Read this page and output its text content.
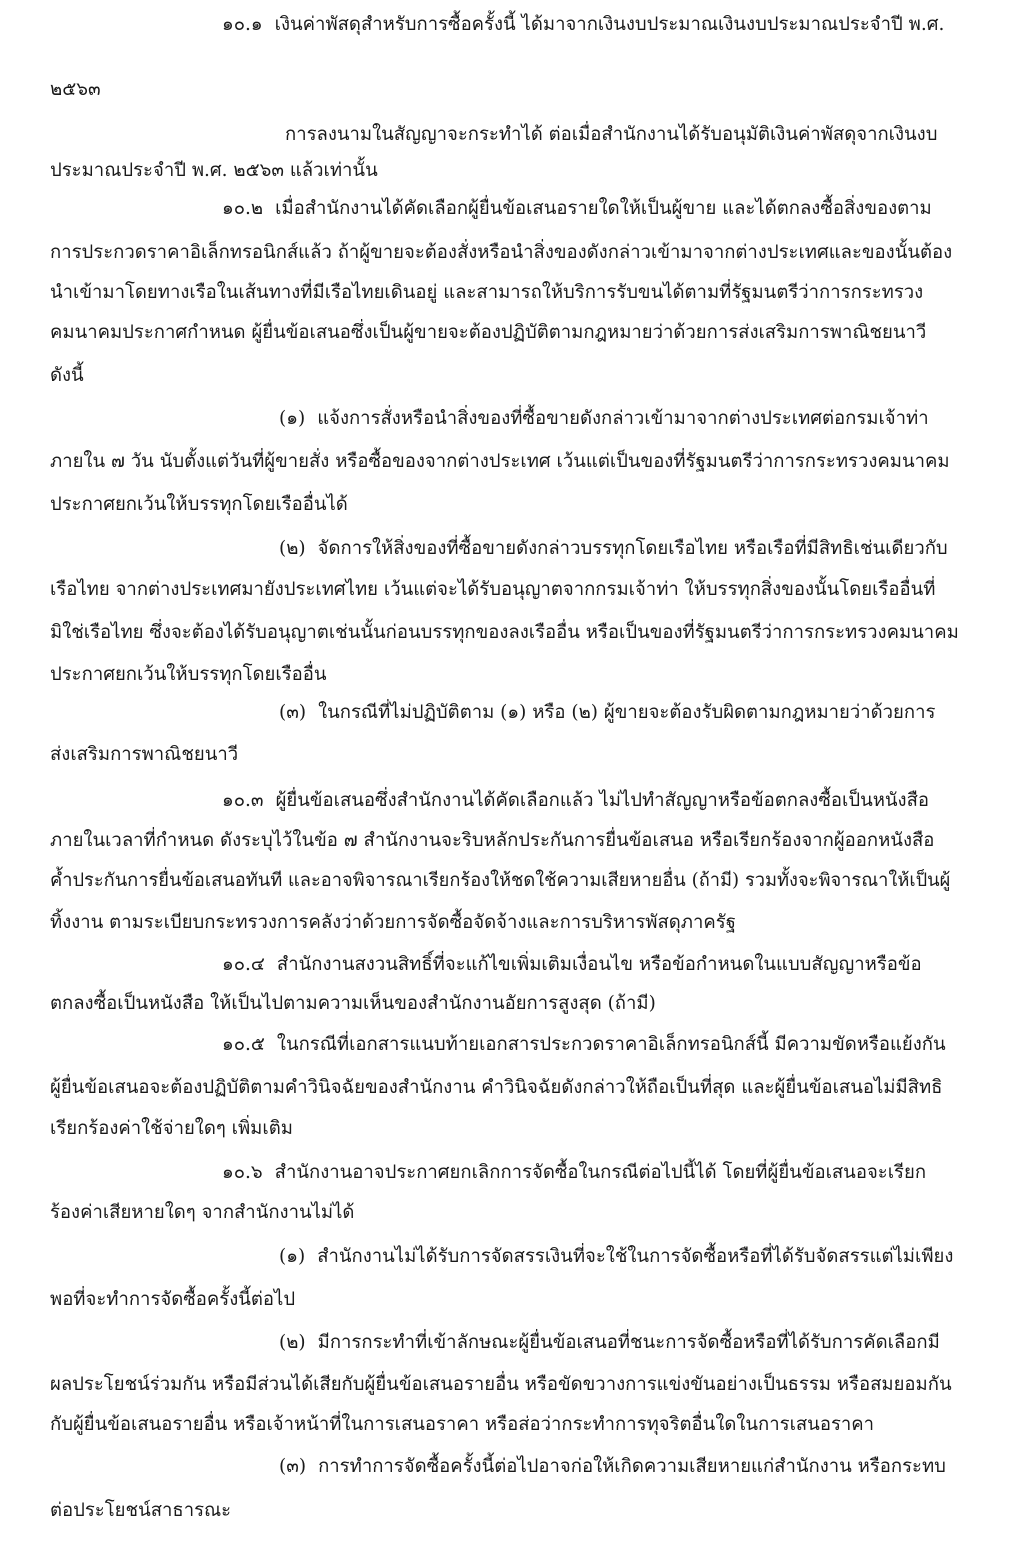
๑๐.๑ เงินค่าพัสดุสำหรับการซื้อครั้งนี้ ได้มาจากเงินงบประมาณเงินงบประมาณประจำปี พ.ศ.
๒๕๖๓
การลงนามในสัญญาจะกระทำได้ ต่อเมื่อสำนักงานได้รับอนุมัติเงินค่าพัสดุจากเงินงบ
ประมาณประจำปี พ.ศ. ๒๕๖๓ แล้วเท่านั้น
๑๐.๒ เมื่อสำนักงานได้คัดเลือกผู้ยื่นข้อเสนอรายใดให้เป็นผู้ขาย และได้ตกลงซื้อสิ่งของตาม
การประกวดราคาอิเล็กทรอนิกส์แล้ว ถ้าผู้ขายจะต้องสั่งหรือนำสิ่งของดังกล่าวเข้ามาจากต่างประเทศและของนั้นต้อง
นำเข้ามาโดยทางเรือในเส้นทางที่มีเรือไทยเดินอยู่ และสามารถให้บริการรับขนได้ตามที่รัฐมนตรีว่าการกระทรวง
คมนาคมประกาศกำหนด ผู้ยื่นข้อเสนอซึ่งเป็นผู้ขายจะต้องปฏิบัติตามกฎหมายว่าด้วยการส่งเสริมการพาณิชยนาวี
ดังนี้
(๑) แจ้งการสั่งหรือนำสิ่งของที่ซื้อขายดังกล่าวเข้ามาจากต่างประเทศต่อกรมเจ้าท่า
ภายใน ๗ วัน นับตั้งแต่วันที่ผู้ขายสั่ง หรือซื้อของจากต่างประเทศ เว้นแต่เป็นของที่รัฐมนตรีว่าการกระทรวงคมนาคม
ประกาศยกเว้นให้บรรทุกโดยเรืออื่นได้
(๒) จัดการให้สิ่งของที่ซื้อขายดังกล่าวบรรทุกโดยเรือไทย หรือเรือที่มีสิทธิเช่นเดียวกับ
เรือไทย จากต่างประเทศมายังประเทศไทย เว้นแต่จะได้รับอนุญาตจากกรมเจ้าท่า ให้บรรทุกสิ่งของนั้นโดยเรืออื่นที่
มิใช่เรือไทย ซึ่งจะต้องได้รับอนุญาตเช่นนั้นก่อนบรรทุกของลงเรืออื่น หรือเป็นของที่รัฐมนตรีว่าการกระทรวงคมนาคม
ประกาศยกเว้นให้บรรทุกโดยเรืออื่น
(๓) ในกรณีที่ไม่ปฏิบัติตาม (๑) หรือ (๒) ผู้ขายจะต้องรับผิดตามกฎหมายว่าด้วยการ
ส่งเสริมการพาณิชยนาวี
๑๐.๓ ผู้ยื่นข้อเสนอซึ่งสำนักงานได้คัดเลือกแล้ว ไม่ไปทำสัญญาหรือข้อตกลงซื้อเป็นหนังสือ
ภายในเวลาที่กำหนด ดังระบุไว้ในข้อ ๗ สำนักงานจะริบหลักประกันการยื่นข้อเสนอ หรือเรียกร้องจากผู้ออกหนังสือ
ค้ำประกันการยื่นข้อเสนอทันที และอาจพิจารณาเรียกร้องให้ชดใช้ความเสียหายอื่น (ถ้ามี) รวมทั้งจะพิจารณาให้เป็นผู้
ทิ้งงาน ตามระเบียบกระทรวงการคลังว่าด้วยการจัดซื้อจัดจ้างและการบริหารพัสดุภาครัฐ
๑๐.๔ สำนักงานสงวนสิทธิ์ที่จะแก้ไขเพิ่มเติมเงื่อนไข หรือข้อกำหนดในแบบสัญญาหรือข้อ
ตกลงซื้อเป็นหนังสือ ให้เป็นไปตามความเห็นของสำนักงานอัยการสูงสุด (ถ้ามี)
๑๐.๕ ในกรณีที่เอกสารแนบท้ายเอกสารประกวดราคาอิเล็กทรอนิกส์นี้ มีความขัดหรือแย้งกัน
ผู้ยื่นข้อเสนอจะต้องปฏิบัติตามคำวินิจฉัยของสำนักงาน คำวินิจฉัยดังกล่าวให้ถือเป็นที่สุด และผู้ยื่นข้อเสนอไม่มีสิทธิ
เรียกร้องค่าใช้จ่ายใดๆ เพิ่มเติม
๑๐.๖ สำนักงานอาจประกาศยกเลิกการจัดซื้อในกรณีต่อไปนี้ได้ โดยที่ผู้ยื่นข้อเสนอจะเรียก
ร้องค่าเสียหายใดๆ จากสำนักงานไม่ได้
(๑) สำนักงานไม่ได้รับการจัดสรรเงินที่จะใช้ในการจัดซื้อหรือที่ได้รับจัดสรรแต่ไม่เพียง
พอที่จะทำการจัดซื้อครั้งนี้ต่อไป
(๒) มีการกระทำที่เข้าลักษณะผู้ยื่นข้อเสนอที่ชนะการจัดซื้อหรือที่ได้รับการคัดเลือกมี
ผลประโยชน์ร่วมกัน หรือมีส่วนได้เสียกับผู้ยื่นข้อเสนอรายอื่น หรือขัดขวางการแข่งขันอย่างเป็นธรรม หรือสมยอมกัน
กับผู้ยื่นข้อเสนอรายอื่น หรือเจ้าหน้าที่ในการเสนอราคา หรือส่อว่ากระทำการทุจริตอื่นใดในการเสนอราคา
(๓) การทำการจัดซื้อครั้งนี้ต่อไปอาจก่อให้เกิดความเสียหายแก่สำนักงาน หรือกระทบ
ต่อประโยชน์สาธารณะ
